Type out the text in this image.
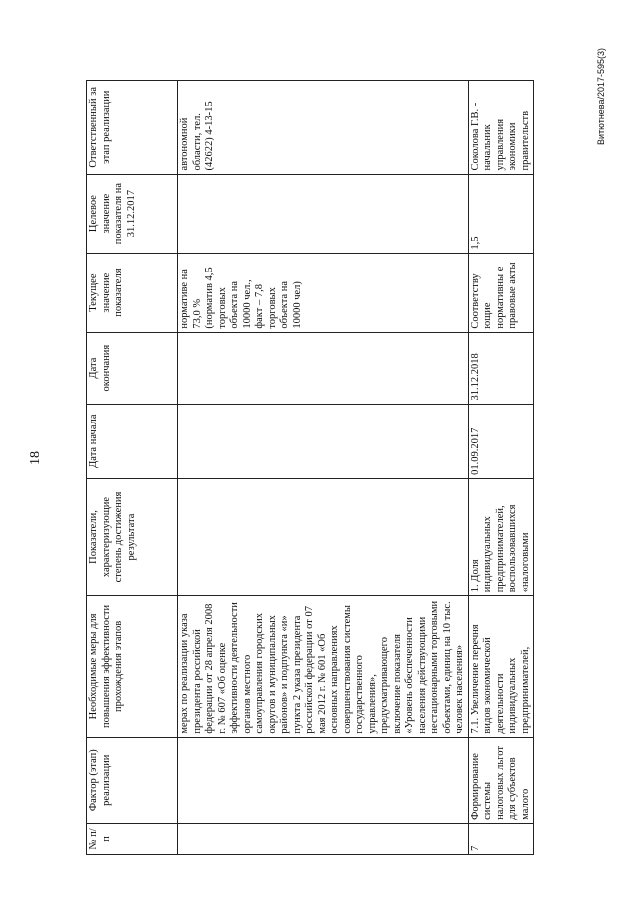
18
№ п/п	Фактор (этап) реализации	Необходимые меры для повышения эффективности прохождения этапов	Показатели, характеризующие степень достижения результата	Дата начала	Дата окончания	Текущее значение показателя	Целевое значение показателя на 31.12.2017	Ответственный за этап реализации
		мерах по реализации указа президента российской федерации от 28 апреля 2008 г. № 607 «Об оценке эффективности деятельности органов местного самоуправления городских округов и муниципальных районов» и подпункта «и» пункта 2 указа президента российской федерации от 07 мая 2012 г. № 601 «Об основных направлениях совершенствования системы государственного управления», предусматривающего включение показателя «Уровень обеспеченности населения действующими нестационарными торговыми объектами, единиц на 10 тыс. человек населения»				нормативе на 73,0 % (норматив 4,5 торговых объекта на 10000 чел., факт – 7,8 торговых объекта на 10000 чел)		автономной области, тел. (42622) 4-13-15
7	Формирование системы налоговых льгот для субъектов малого	7.1. Увеличение перечня видов экономической деятельности индивидуальных предпринимателей,	1. Доля индивидуальных предпринимателей, воспользовавшихся «налоговыми	01.09.2017	31.12.2018	Соответству ющие нормативны е правовые акты	1,5	Соколова Г.В. - начальник управления экономики правительств	Витютнева/2017-595(3)
